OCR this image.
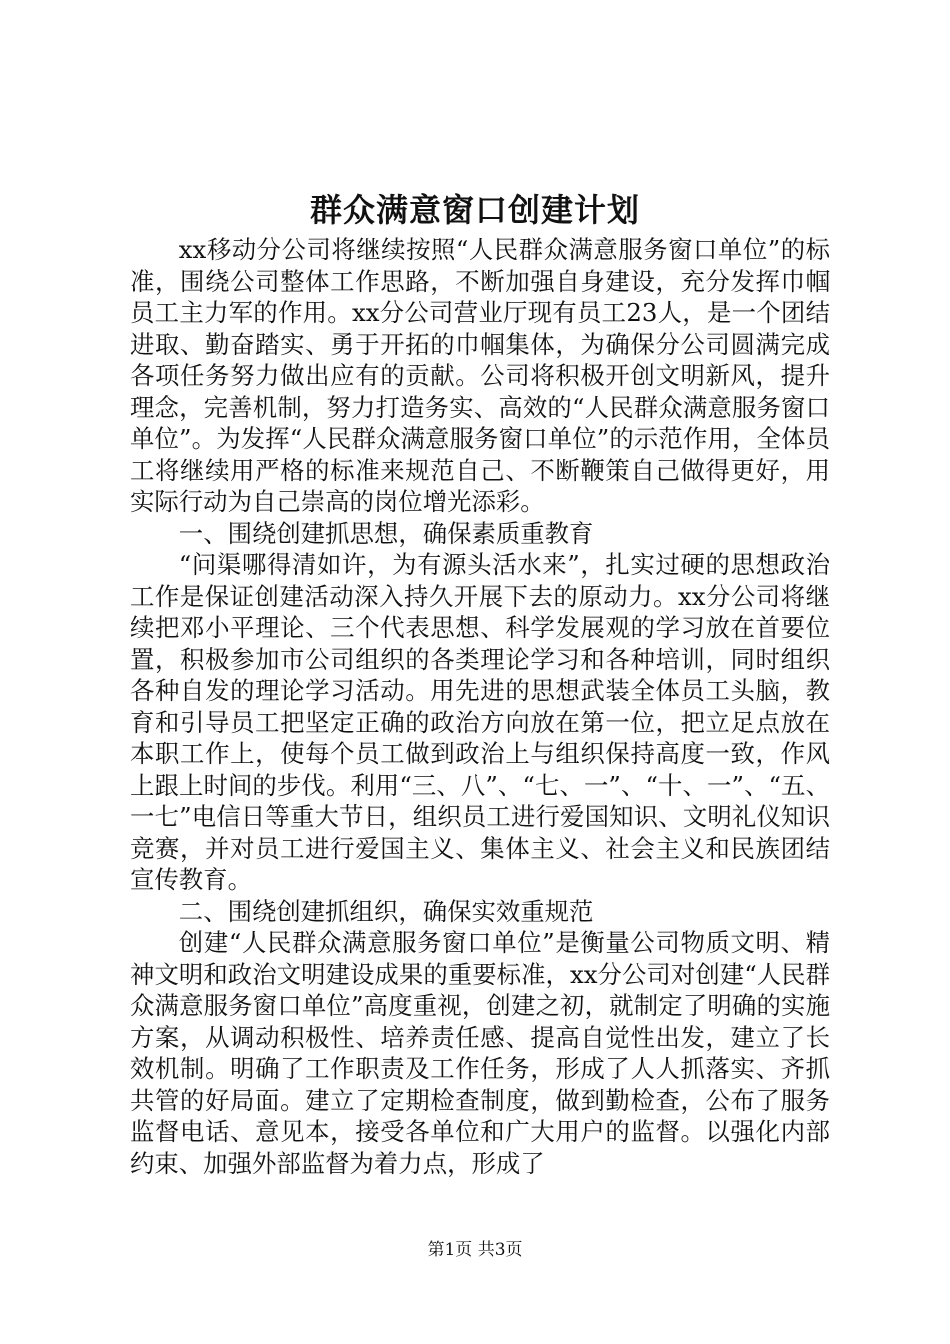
群众满意窗口创建计划

xx移动分公司将继续按照“人民群众满意服务窗口单位”的标准，围绕公司整体工作思路，不断加强自身建设，充分发挥巾帼员工主力军的作用。xx分公司营业厅现有员工23人，是一个团结进取、勤奋踏实、勇于开拓的巾帼集体，为确保分公司圆满完成各项任务努力做出应有的贡献。公司将积极开创文明新风，提升理念，完善机制，努力打造务实、高效的“人民群众满意服务窗口单位”。为发挥“人民群众满意服务窗口单位”的示范作用，全体员工将继续用严格的标准来规范自己、不断鞭策自己做得更好，用实际行动为自己崇高的岗位增光添彩。

一、围绕创建抓思想，确保素质重教育

“问渠哪得清如许，为有源头活水来”，扎实过硬的思想政治工作是保证创建活动深入持久开展下去的原动力。xx分公司将继续把邓小平理论、三个代表思想、科学发展观的学习放在首要位置，积极参加市公司组织的各类理论学习和各种培训，同时组织各种自发的理论学习活动。用先进的思想武装全体员工头脑，教育和引导员工把坚定正确的政治方向放在第一位，把立足点放在本职工作上，使每个员工做到政治上与组织保持高度一致，作风上跟上时间的步伐。利用“三、八”、“七、一”、“十、一”、“五、一七”电信日等重大节日，组织员工进行爱国知识、文明礼仪知识竞赛，并对员工进行爱国主义、集体主义、社会主义和民族团结宣传教育。

二、围绕创建抓组织，确保实效重规范

创建“人民群众满意服务窗口单位”是衡量公司物质文明、精神文明和政治文明建设成果的重要标准，xx分公司对创建“人民群众满意服务窗口单位”高度重视，创建之初，就制定了明确的实施方案，从调动积极性、培养责任感、提高自觉性出发，建立了长效机制。明确了工作职责及工作任务，形成了人人抓落实、齐抓共管的好局面。建立了定期检查制度，做到勤检查，公布了服务监督电话、意见本，接受各单位和广大用户的监督。以强化内部约束、加强外部监督为着力点，形成了

第1页 共3页
